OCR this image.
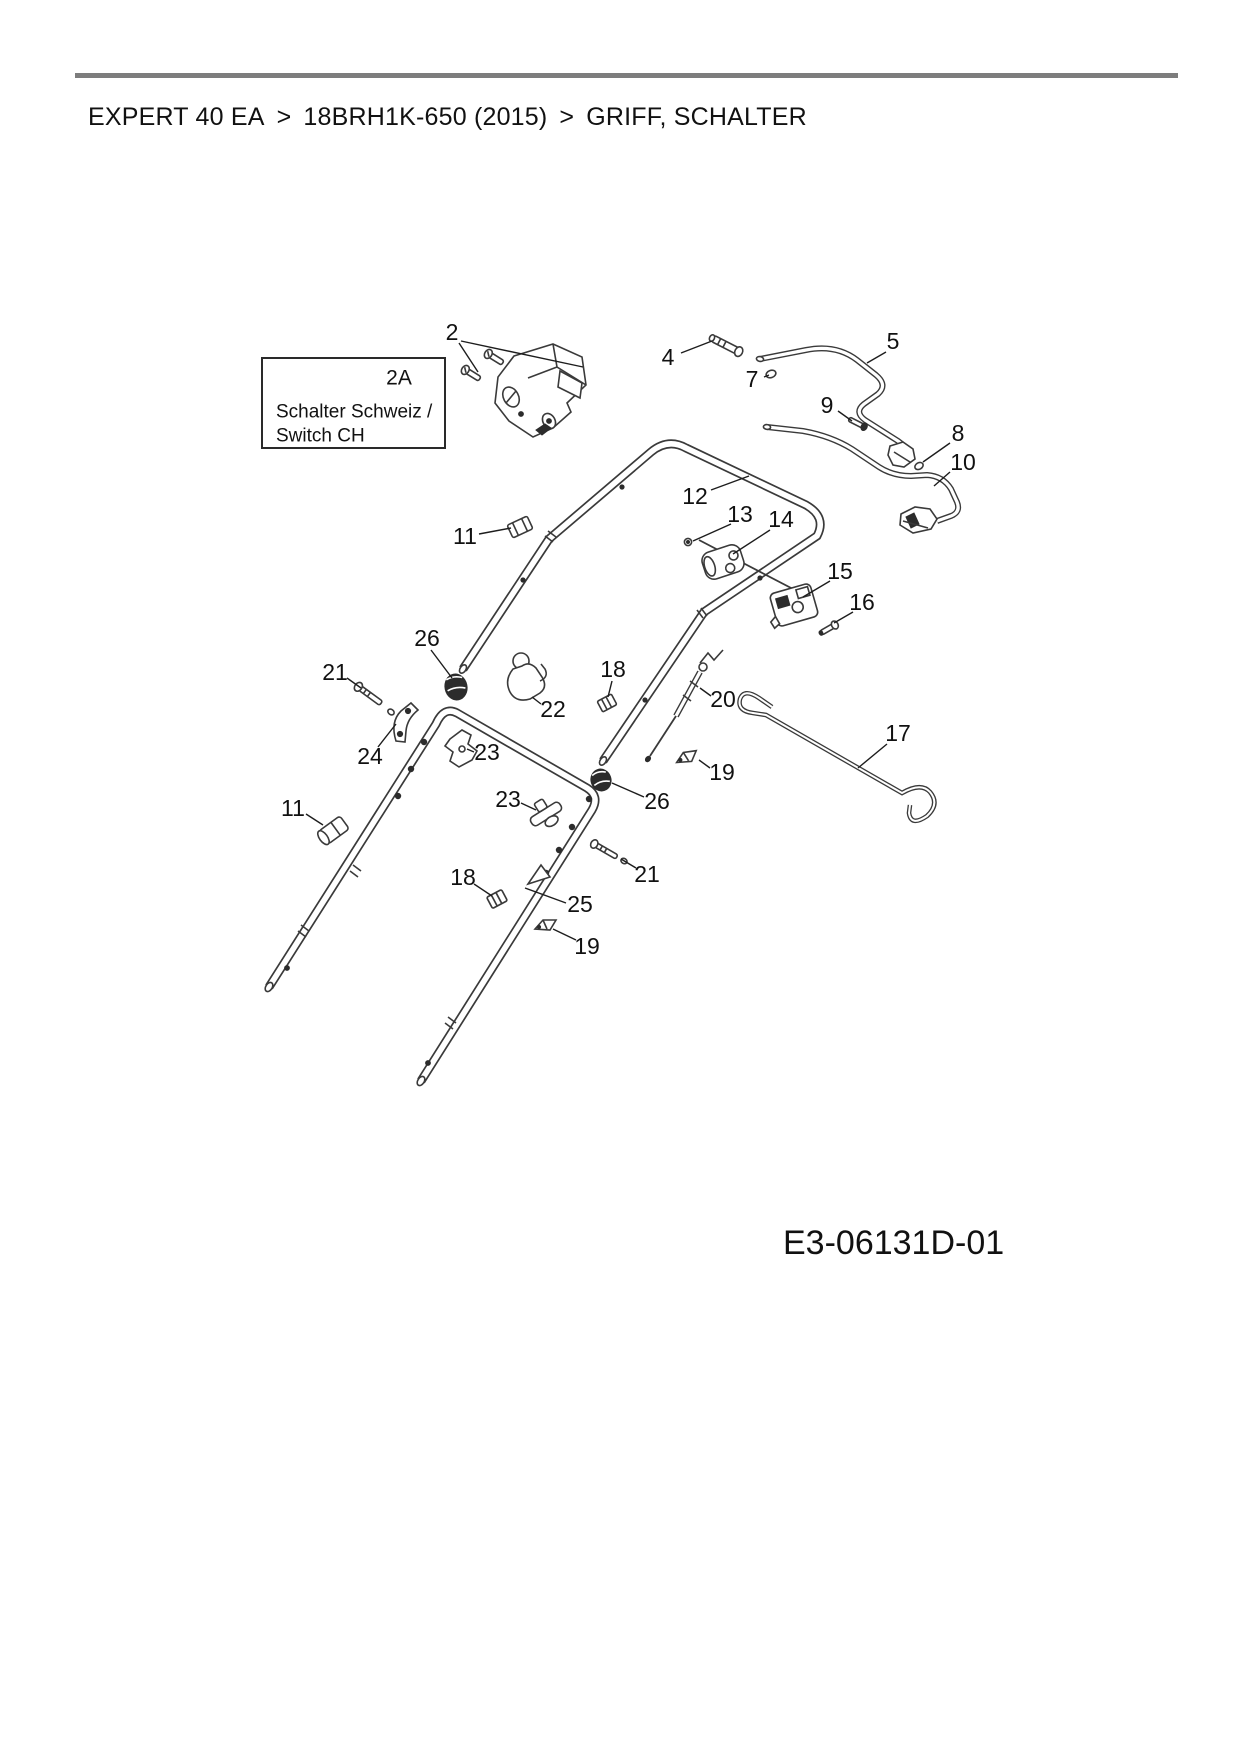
EXPERT 40 EA > 18BRH1K-650 (2015) > GRIFF, SCHALTER
2A
Schalter Schweiz /
Switch CH
E3-06131D-01
2
4
5
7
9
8
10
11
12
13 14
15
16
17
18
20
19
22
26
21
24	23
23	26
11
21
18
25
19
